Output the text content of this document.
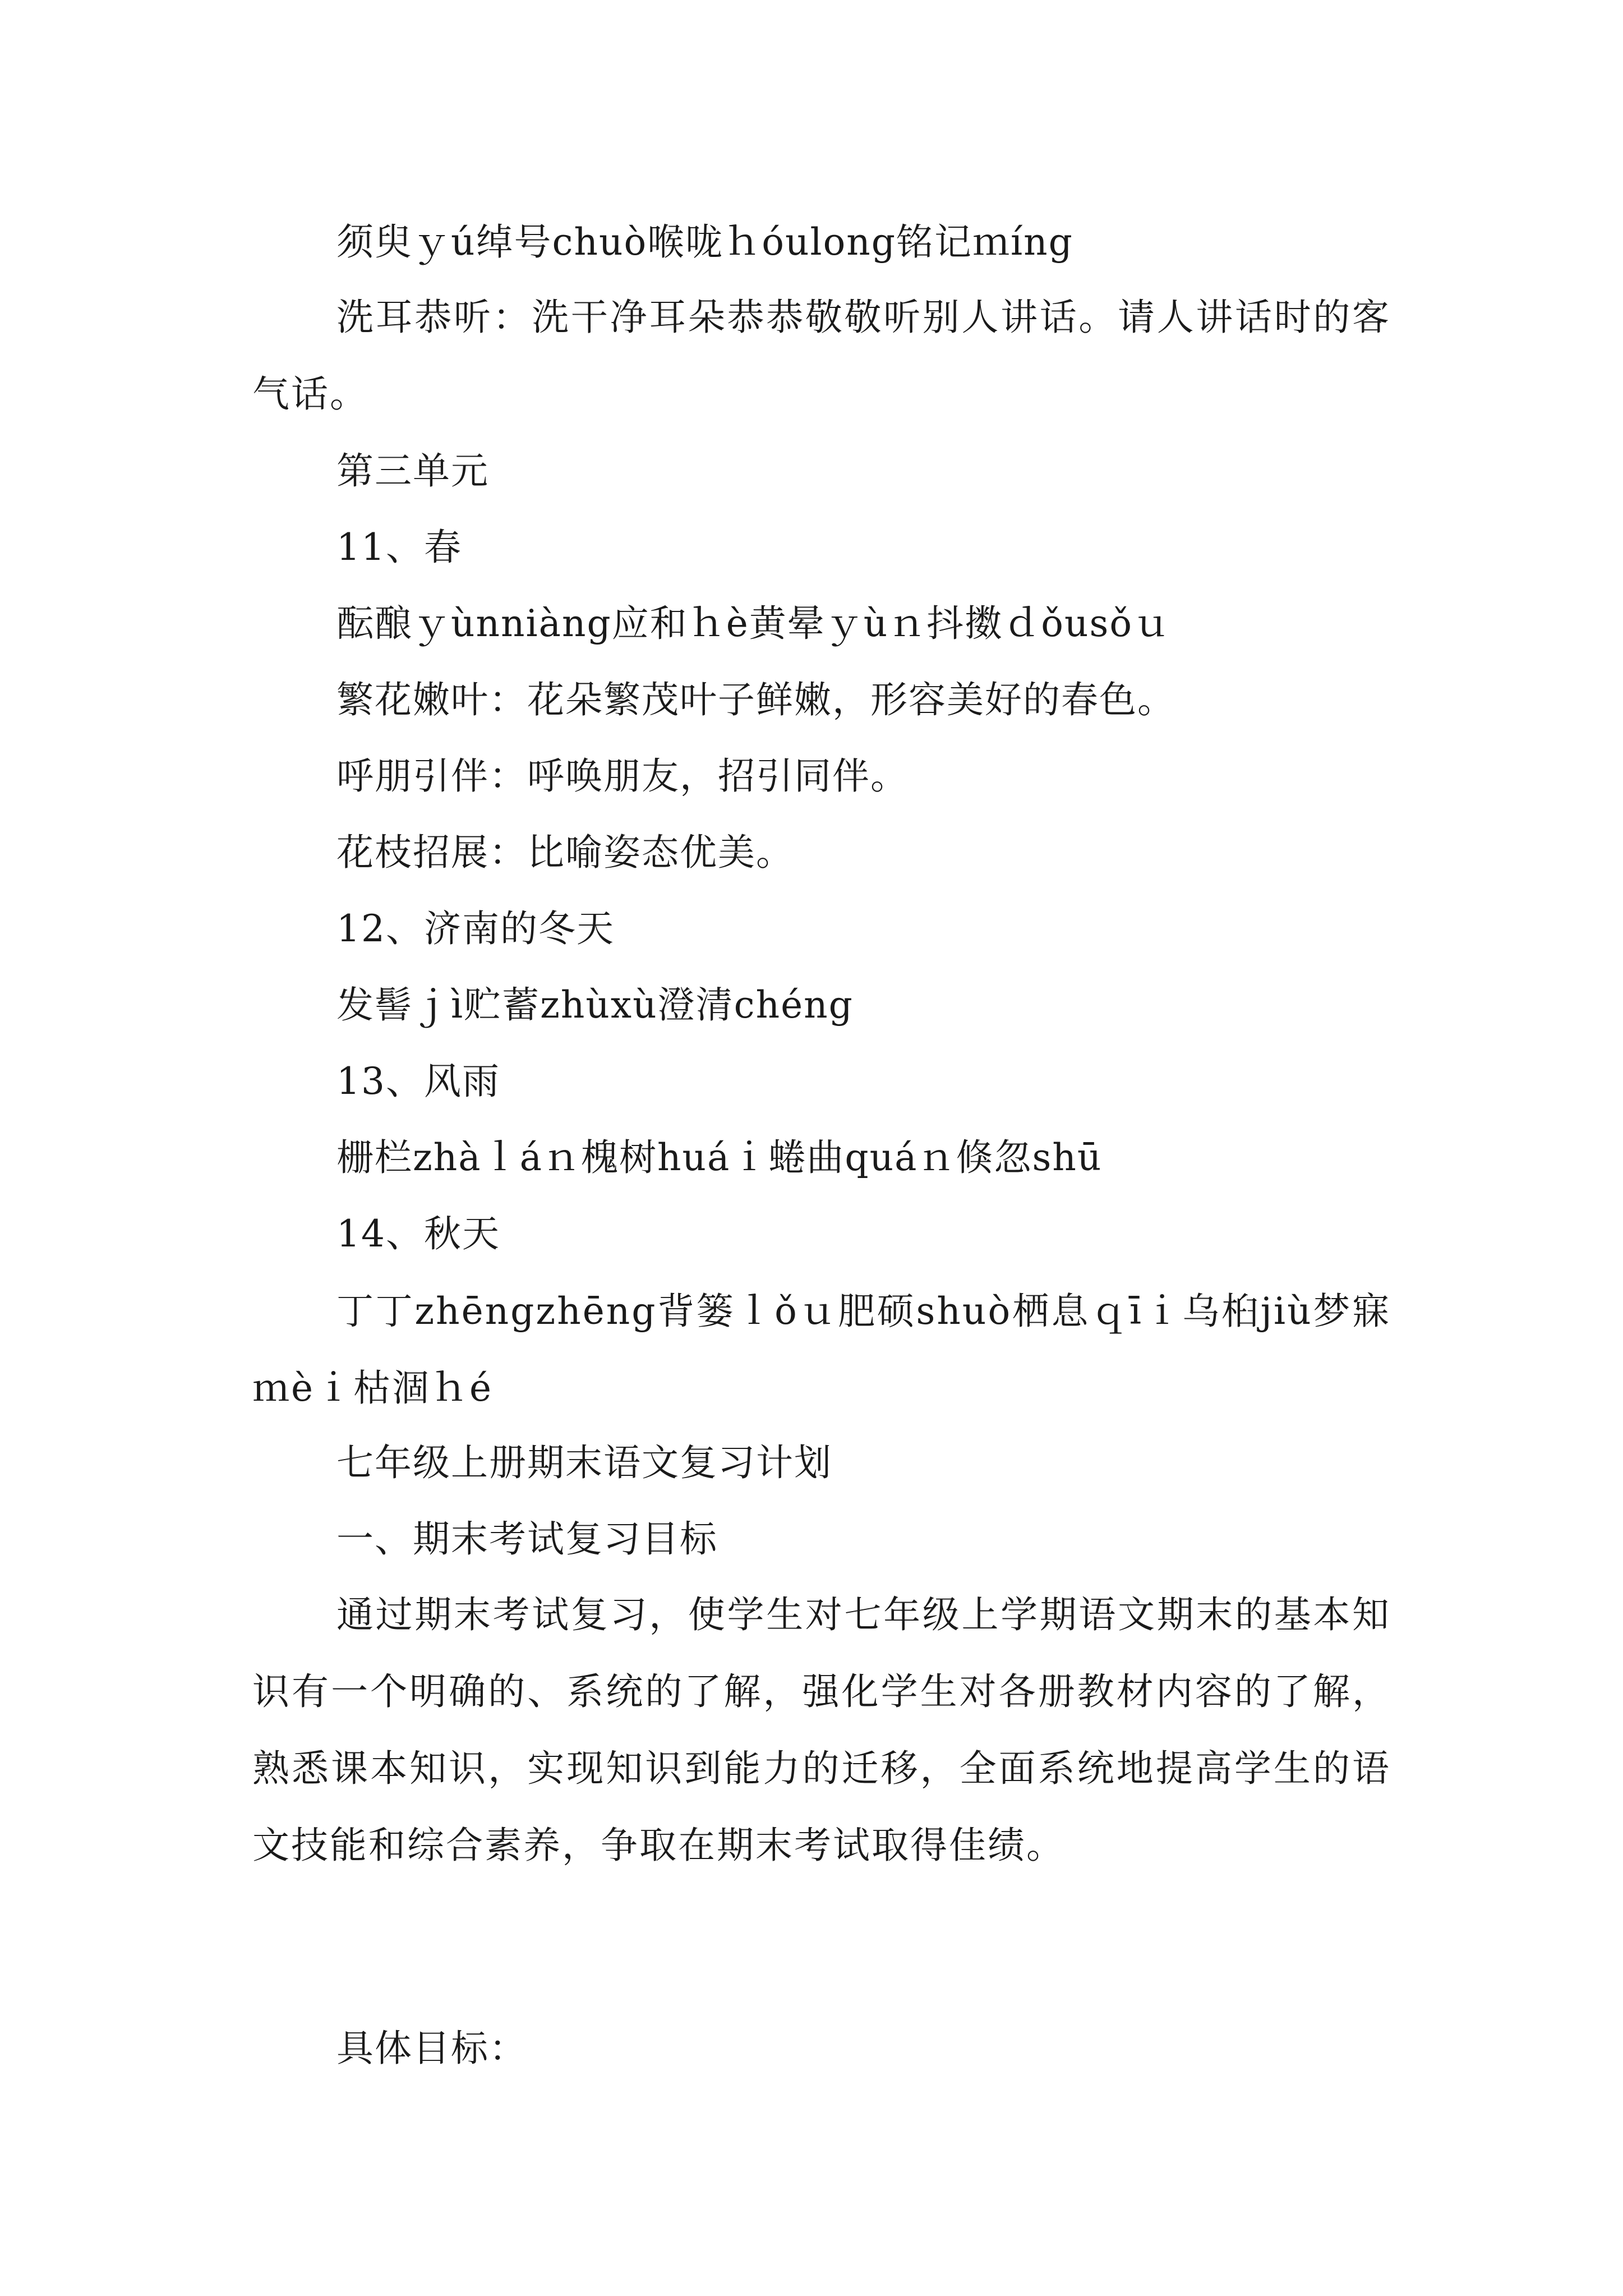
须臾ｙú绰号chuò喉咙ｈóulong铭记ｍíng
洗耳恭听：洗干净耳朵恭恭敬敬听别人讲话。请人讲话时的客气话。
第三单元
11、春
酝酿ｙùnniàng应和ｈè黄晕ｙùｎ抖擞ｄǒusǒｕ
繁花嫩叶：花朵繁茂叶子鲜嫩，形容美好的春色。
呼朋引伴：呼唤朋友，招引同伴。
花枝招展：比喻姿态优美。
12、济南的冬天
发髻ｊì贮蓄zhùxù澄清chéng
13、风雨
栅栏zhàｌáｎ槐树huáｉ蜷曲quáｎ倏忽shū
14、秋天
丁丁zhēngzhēng背篓ｌǒｕ肥硕shuò栖息ｑīｉ乌桕jiù梦寐ｍèｉ枯涸ｈé
七年级上册期末语文复习计划
一、期末考试复习目标
通过期末考试复习，使学生对七年级上学期语文期末的基本知识有一个明确的、系统的了解，强化学生对各册教材内容的了解，熟悉课本知识，实现知识到能力的迁移，全面系统地提高学生的语文技能和综合素养，争取在期末考试取得佳绩。
具体目标：
